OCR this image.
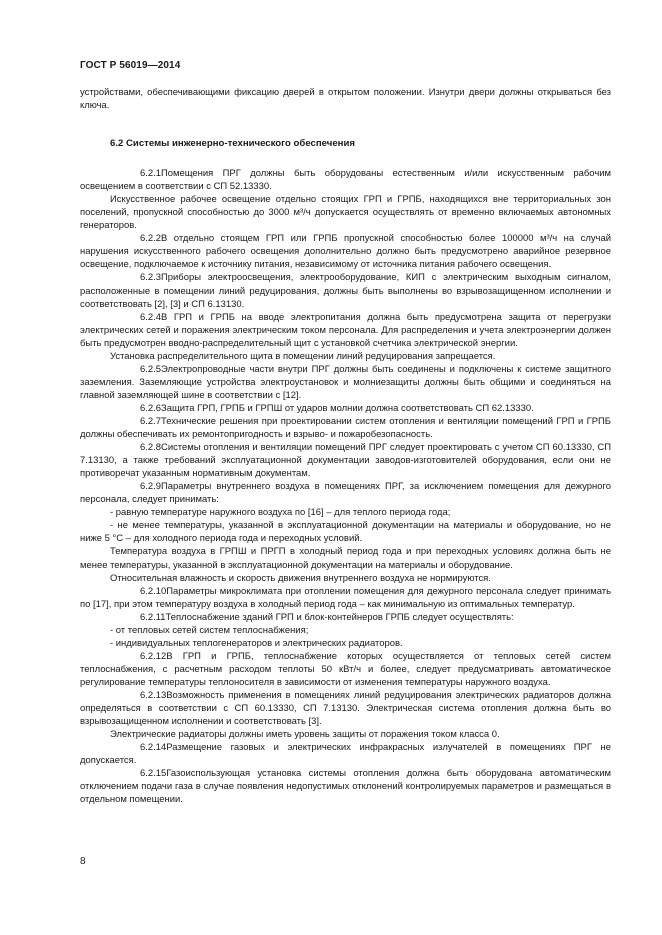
ГОСТ Р 56019—2014

устройствами, обеспечивающими фиксацию дверей в открытом положении. Изнутри двери должны открываться без ключа.

6.2 Системы инженерно-технического обеспечения

6.2.1Помещения ПРГ должны быть оборудованы естественным и/или искусственным рабочим освещением в соответствии с СП 52.13330.

Искусственное рабочее освещение отдельно стоящих ГРП и ГРПБ, находящихся вне территориальных зон поселений, пропускной способностью до 3000 м³/ч допускается осуществлять от временно включаемых автономных генераторов.

6.2.2В отдельно стоящем ГРП или ГРПБ пропускной способностью более 100000 м³/ч на случай нарушения искусственного рабочего освещения дополнительно должно быть предусмотрено аварийное резервное освещение, подключаемое к источнику питания, независимому от источника питания рабочего освещения.

6.2.3Приборы электроосвещения, электрооборудование, КИП с электрическим выходным сигналом, расположенные в помещении линий редуцирования, должны быть выполнены во взрывозащищенном исполнении и соответствовать [2], [3] и СП 6.13130.

6.2.4В ГРП и ГРПБ на вводе электропитания должна быть предусмотрена защита от перегрузки электрических сетей и поражения электрическим током персонала. Для распределения и учета электроэнергии должен быть предусмотрен вводно-распределительный щит с установкой счетчика электрической энергии.

Установка распределительного щита в помещении линий редуцирования запрещается.

6.2.5Электропроводные части внутри ПРГ должны быть соединены и подключены к системе защитного заземления. Заземляющие устройства электроустановок и молниезащиты должны быть общими и соединяться на главной заземляющей шине в соответствии с [12].

6.2.6Защита ГРП, ГРПБ и ГРПШ от ударов молнии должна соответствовать СП 62.13330.

6.2.7Технические решения при проектировании систем отопления и вентиляции помещений ГРП и ГРПБ должны обеспечивать их ремонтопригодность и взрыво- и пожаробезопасность.

6.2.8Системы отопления и вентиляции помещений ПРГ следует проектировать с учетом СП 60.13330, СП 7.13130, а также требований эксплуатационной документации заводов-изготовителей оборудования, если они не противоречат указанным нормативным документам.

6.2.9Параметры внутреннего воздуха в помещениях ПРГ, за исключением помещения для дежурного персонала, следует принимать:

- равную температуре наружного воздуха по [16] – для теплого периода года;

- не менее температуры, указанной в эксплуатационной документации на материалы и оборудование, но не ниже 5 °С – для холодного периода года и переходных условий.

Температура воздуха в ГРПШ и ПРГП в холодный период года и при переходных условиях должна быть не менее температуры, указанной в эксплуатационной документации на материалы и оборудование.

Относительная влажность и скорость движения внутреннего воздуха не нормируются.

6.2.10Параметры микроклимата при отоплении помещения для дежурного персонала следует принимать по [17], при этом температуру воздуха в холодный период года – как минимальную из оптимальных температур.

6.2.11Теплоснабжение зданий ГРП и блок-контейнеров ГРПБ следует осуществлять:

- от тепловых сетей систем теплоснабжения;

- индивидуальных теплогенераторов и электрических радиаторов.

6.2.12В ГРП и ГРПБ, теплоснабжение которых осуществляется от тепловых сетей систем теплоснабжения, с расчетным расходом теплоты 50 кВт/ч и более, следует предусматривать автоматическое регулирование температуры теплоносителя в зависимости от изменения температуры наружного воздуха.

6.2.13Возможность применения в помещениях линий редуцирования электрических радиаторов должна определяться в соответствии с СП 60.13330, СП 7.13130. Электрическая система отопления должна быть во взрывозащищенном исполнении и соответствовать [3].

Электрические радиаторы должны иметь уровень защиты от поражения током класса 0.

6.2.14Размещение газовых и электрических инфракрасных излучателей в помещениях ПРГ не допускается.

6.2.15Газоиспользующая установка системы отопления должна быть оборудована автоматическим отключением подачи газа в случае появления недопустимых отклонений контролируемых параметров и размещаться в отдельном помещении.

8
